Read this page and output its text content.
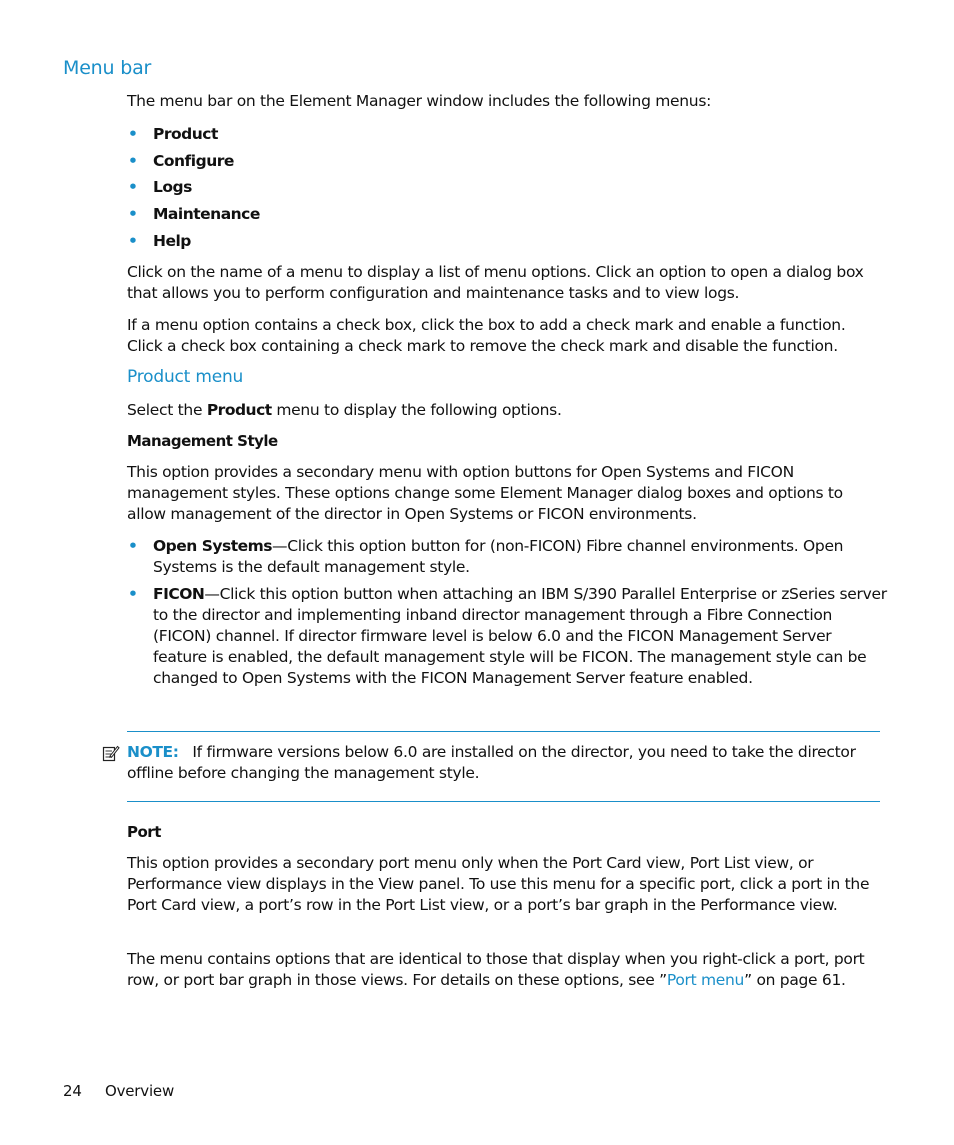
Menu bar
The menu bar on the Element Manager window includes the following menus:
• Product
• Configure
• Logs
• Maintenance
• Help
Click on the name of a menu to display a list of menu options. Click an option to open a dialog box that allows you to perform configuration and maintenance tasks and to view logs.
If a menu option contains a check box, click the box to add a check mark and enable a function. Click a check box containing a check mark to remove the check mark and disable the function.
Product menu
Select the Product menu to display the following options.
Management Style
This option provides a secondary menu with option buttons for Open Systems and FICON management styles. These options change some Element Manager dialog boxes and options to allow management of the director in Open Systems or FICON environments.
• Open Systems—Click this option button for (non-FICON) Fibre channel environments. Open Systems is the default management style.
• FICON—Click this option button when attaching an IBM S/390 Parallel Enterprise or zSeries server to the director and implementing inband director management through a Fibre Connection (FICON) channel. If director firmware level is below 6.0 and the FICON Management Server feature is enabled, the default management style will be FICON. The management style can be changed to Open Systems with the FICON Management Server feature enabled.
NOTE: If firmware versions below 6.0 are installed on the director, you need to take the director offline before changing the management style.
Port
This option provides a secondary port menu only when the Port Card view, Port List view, or Performance view displays in the View panel. To use this menu for a specific port, click a port in the Port Card view, a port’s row in the Port List view, or a port’s bar graph in the Performance view.
The menu contains options that are identical to those that display when you right-click a port, port row, or port bar graph in those views. For details on these options, see ”Port menu” on page 61.
24 Overview
